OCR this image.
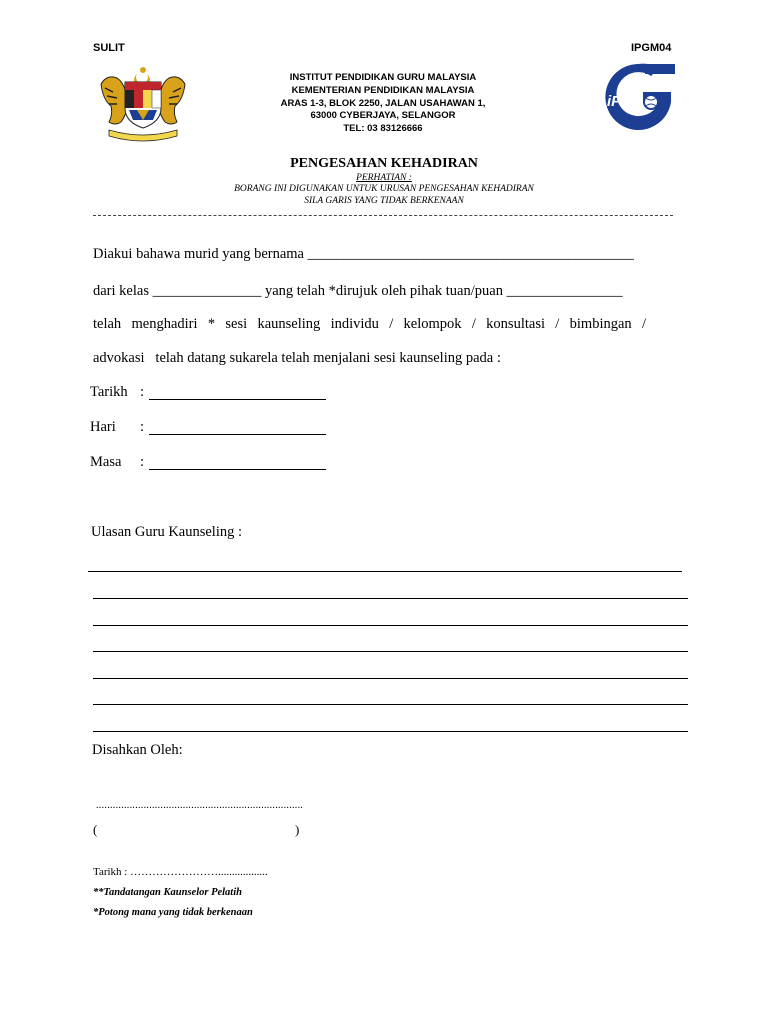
SULIT	IPGM04
INSTITUT PENDIDIKAN GURU MALAYSIA
KEMENTERIAN PENDIDIKAN MALAYSIA
ARAS 1-3, BLOK 2250, JALAN USAHAWAN 1,
63000 CYBERJAYA, SELANGOR
TEL: 03 83126666
iPG
PENGESAHAN KEHADIRAN
PERHATIAN :
BORANG INI DIGUNAKAN UNTUK URUSAN PENGESAHAN KEHADIRAN
SILA GARIS YANG TIDAK BERKENAAN
Diakui bahawa murid yang bernama _____________________________________________
dari kelas _______________ yang telah *dirujuk oleh pihak tuan/puan ________________
telah menghadiri * sesi kaunseling individu / kelompok / konsultasi / bimbingan /
advokasi   telah datang sukarela telah menjalani sesi kaunseling pada :
Tarikh :
Hari :
Masa :
Ulasan Guru Kaunseling :
Disahkan Oleh:
..........................................................................
(	)
Tarikh : ……………………..................
**Tandatangan Kaunselor Pelatih
*Potong mana yang tidak berkenaan
